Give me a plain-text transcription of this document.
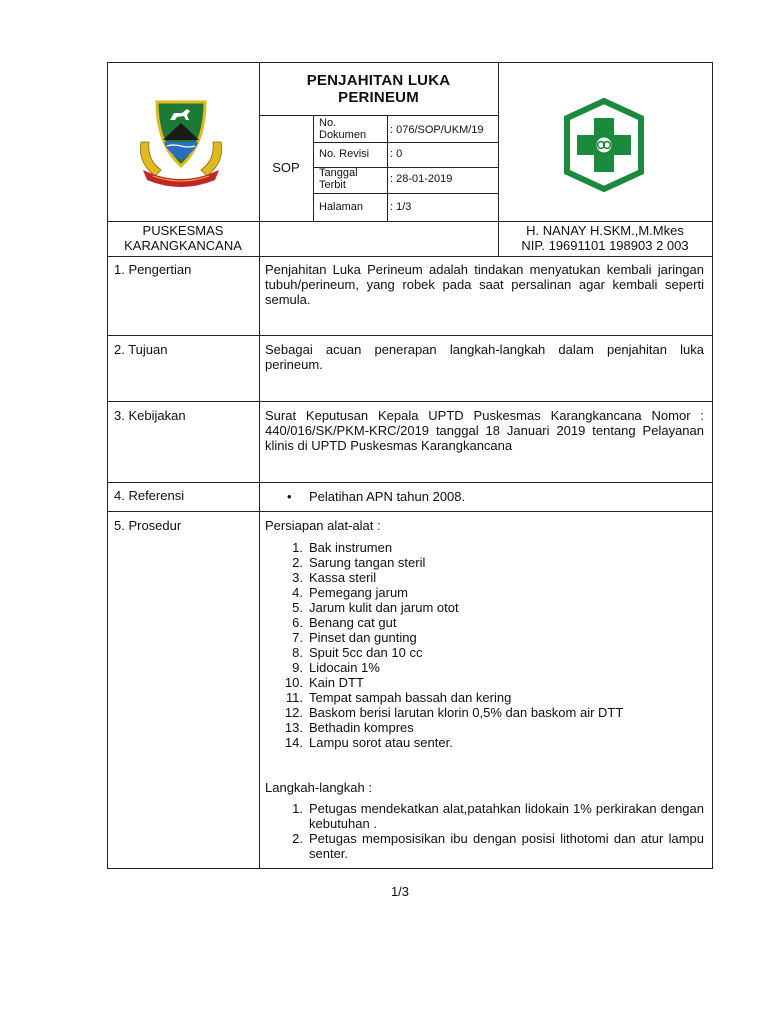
PENJAHITAN LUKA
PERINEUM
SOP
No.
Dokumen	: 076/SOP/UKM/19
No. Revisi : 0
Tanggal
Terbit	: 28-01-2019
Halaman : 1/3
PUSKESMAS
KARANGKANCANA
H. NANAY H.SKM.,M.Mkes
NIP. 19691101 198903 2 003
1. Pengertian
2. Tujuan
3. Kebijakan
4. Referensi
5. Prosedur
Penjahitan Luka Perineum adalah tindakan menyatukan kembali jaringan tubuh/perineum, yang robek pada saat persalinan agar kembali seperti semula.
Sebagai acuan penerapan langkah-langkah dalam penjahitan luka perineum.
Surat Keputusan Kepala UPTD Puskesmas Karangkancana Nomor : 440/016/SK/PKM-KRC/2019 tanggal 18 Januari 2019 tentang Pelayanan klinis di UPTD Puskesmas Karangkancana
• Pelatihan APN tahun 2008.
Persiapan alat-alat :
1. Bak instrumen
2. Sarung tangan steril
3. Kassa steril
4. Pemegang jarum
5. Jarum kulit dan jarum otot
6. Benang cat gut
7. Pinset dan gunting
8. Spuit 5cc dan 10 cc
9. Lidocain 1%
10. Kain DTT
11. Tempat sampah bassah dan kering
12. Baskom berisi larutan klorin 0,5% dan baskom air DTT
13. Bethadin kompres
14. Lampu sorot atau senter.
Langkah-langkah :
1. Petugas mendekatkan alat,patahkan lidokain 1% perkirakan dengan kebutuhan .
2. Petugas memposisikan ibu dengan posisi lithotomi dan atur lampu senter.
1/3
